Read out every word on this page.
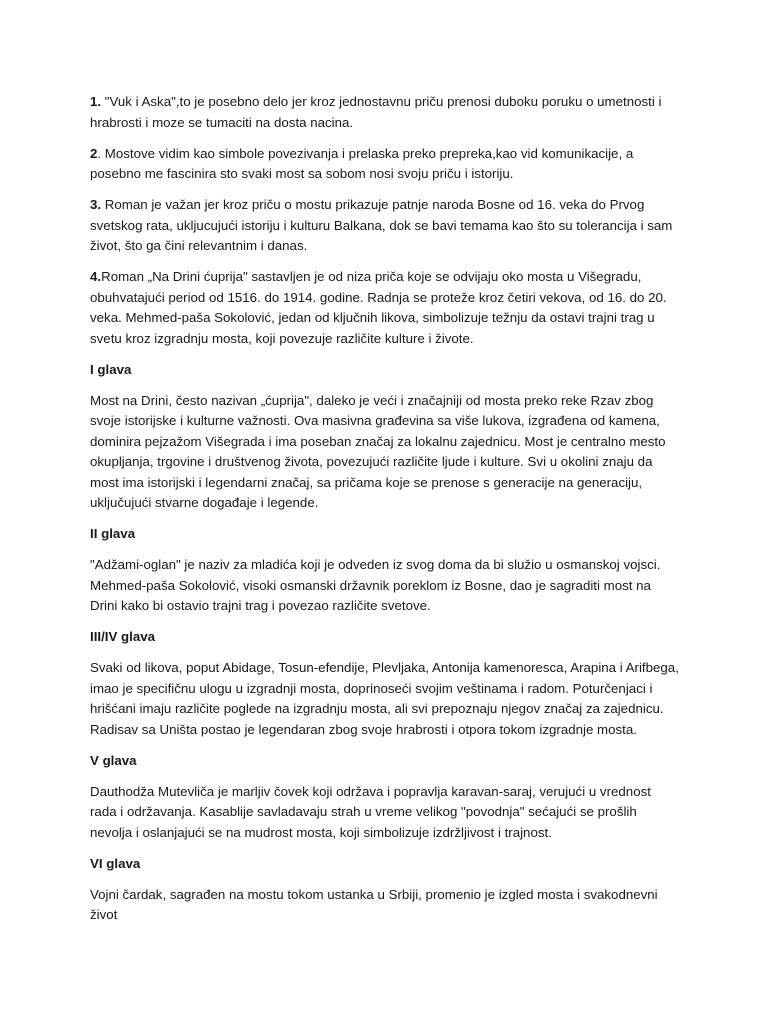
1. "Vuk i Aska",to je posebno delo jer kroz jednostavnu priču prenosi duboku poruku o umetnosti i hrabrosti i moze se tumaciti na dosta nacina.

2. Mostove vidim kao simbole povezivanja i prelaska preko prepreka,kao vid komunikacije, a posebno me fascinira sto svaki most sa sobom nosi svoju priču i istoriju.

3. Roman je važan jer kroz priču o mostu prikazuje patnje naroda Bosne od 16. veka do Prvog svetskog rata, ukljucujući istoriju i kulturu Balkana, dok se bavi temama kao što su tolerancija i sam život, što ga čini relevantnim i danas.

4.Roman „Na Drini ćuprija" sastavljen je od niza priča koje se odvijaju oko mosta u Višegradu, obuhvatajući period od 1516. do 1914. godine. Radnja se proteže kroz četiri vekova, od 16. do 20. veka. Mehmed-paša Sokolović, jedan od ključnih likova, simbolizuje težnju da ostavi trajni trag u svetu kroz izgradnju mosta, koji povezuje različite kulture i živote.

I glava

Most na Drini, često nazivan „ćuprija", daleko je veći i značajniji od mosta preko reke Rzav zbog svoje istorijske i kulturne važnosti. Ova masivna građevina sa više lukova, izgrađena od kamena, dominira pejzažom Višegrada i ima poseban značaj za lokalnu zajednicu. Most je centralno mesto okupljanja, trgovine i društvenog života, povezujući različite ljude i kulture. Svi u okolini znaju da most ima istorijski i legendarni značaj, sa pričama koje se prenose s generacije na generaciju, uključujući stvarne događaje i legende.

II glava

"Adžami-oglan" je naziv za mladića koji je odveden iz svog doma da bi služio u osmanskoj vojsci. Mehmed-paša Sokolović, visoki osmanski državnik poreklom iz Bosne, dao je sagraditi most na Drini kako bi ostavio trajni trag i povezao različite svetove.

III/IV glava

Svaki od likova, poput Abidage, Tosun-efendije, Plevljaka, Antonija kamenoresca, Arapina i Arifbega, imao je specifičnu ulogu u izgradnji mosta, doprinoseći svojim veštinama i radom. Poturčenjaci i hrišćani imaju različite poglede na izgradnju mosta, ali svi prepoznaju njegov značaj za zajednicu. Radisav sa Uništa postao je legendaran zbog svoje hrabrosti i otpora tokom izgradnje mosta.

V glava

Dauthodža Mutevliča je marljiv čovek koji održava i popravlja karavan-saraj, verujući u vrednost rada i održavanja. Kasablije savladavaju strah u vreme velikog "povodnja" sećajući se prošlih nevolja i oslanjajući se na mudrost mosta, koji simbolizuje izdržljivost i trajnost.

VI glava

Vojni čardak, sagrađen na mostu tokom ustanka u Srbiji, promenio je izgled mosta i svakodnevni život
